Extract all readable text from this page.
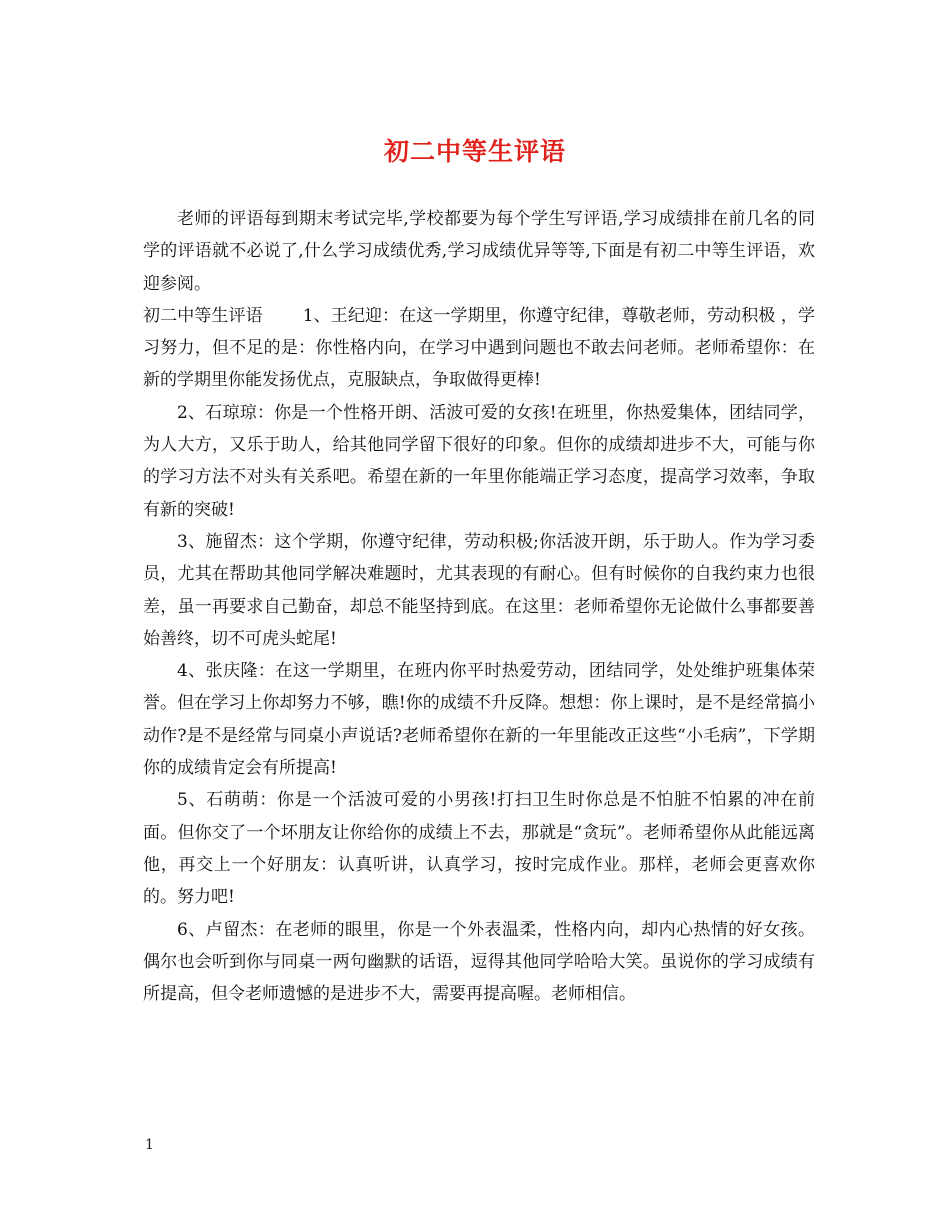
初二中等生评语

老师的评语每到期末考试完毕,学校都要为每个学生写评语,学习成绩排在前几名的同学的评语就不必说了,什么学习成绩优秀,学习成绩优异等等,下面是有初二中等生评语，欢迎参阅。

初二中等生评语 1、王纪迎：在这一学期里，你遵守纪律，尊敬老师，劳动积极 ，学习努力，但不足的是：你性格内向，在学习中遇到问题也不敢去问老师。老师希望你：在新的学期里你能发扬优点，克服缺点，争取做得更棒!

2、石琼琼：你是一个性格开朗、活波可爱的女孩!在班里，你热爱集体，团结同学，为人大方，又乐于助人，给其他同学留下很好的印象。但你的成绩却进步不大，可能与你的学习方法不对头有关系吧。希望在新的一年里你能端正学习态度，提高学习效率，争取有新的突破!

3、施留杰：这个学期，你遵守纪律，劳动积极;你活波开朗，乐于助人。作为学习委员，尤其在帮助其他同学解决难题时，尤其表现的有耐心。但有时候你的自我约束力也很差，虽一再要求自己勤奋，却总不能坚持到底。在这里：老师希望你无论做什么事都要善始善终，切不可虎头蛇尾!

4、张庆隆：在这一学期里，在班内你平时热爱劳动，团结同学，处处维护班集体荣誉。但在学习上你却努力不够，瞧!你的成绩不升反降。想想：你上课时，是不是经常搞小动作?是不是经常与同桌小声说话?老师希望你在新的一年里能改正这些“小毛病”，下学期你的成绩肯定会有所提高!

5、石萌萌：你是一个活波可爱的小男孩!打扫卫生时你总是不怕脏不怕累的冲在前面。但你交了一个坏朋友让你给你的成绩上不去，那就是“贪玩”。老师希望你从此能远离他，再交上一个好朋友：认真听讲，认真学习，按时完成作业。那样，老师会更喜欢你的。努力吧!

6、卢留杰：在老师的眼里，你是一个外表温柔，性格内向，却内心热情的好女孩。偶尔也会听到你与同桌一两句幽默的话语，逗得其他同学哈哈大笑。虽说你的学习成绩有所提高，但令老师遗憾的是进步不大，需要再提高喔。老师相信。

1
